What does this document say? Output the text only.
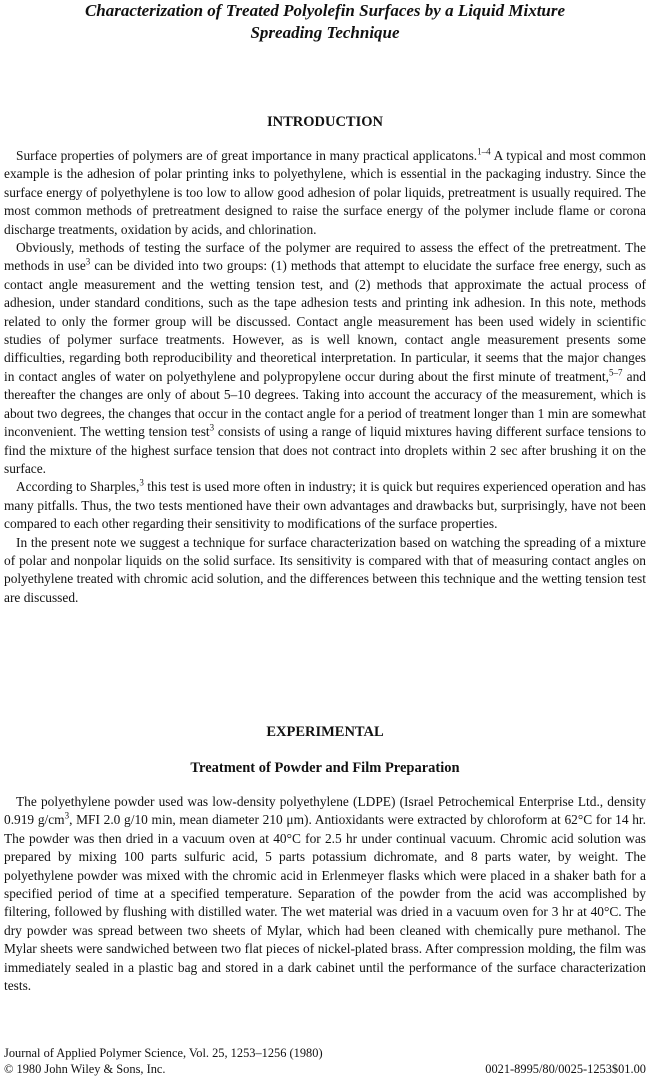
Characterization of Treated Polyolefin Surfaces by a Liquid Mixture
Spreading Technique
INTRODUCTION

Surface properties of polymers are of great importance in many practical applicatons.$^{1-4}$ A typical and most common example is the adhesion of polar printing inks to polyethylene, which is essential in the packaging industry. Since the surface energy of polyethylene is too low to allow good adhesion of polar liquids, pretreatment is usually required. The most common methods of pretreatment designed to raise the surface energy of the polymer include flame or corona discharge treatments, oxidation by acids, and chlorination.

Obviously, methods of testing the surface of the polymer are required to assess the effect of the pretreatment. The methods in use$^3$ can be divided into two groups: (1) methods that attempt to elucidate the surface free energy, such as contact angle measurement and the wetting tension test, and (2) methods that approximate the actual process of adhesion, under standard conditions, such as the tape adhesion tests and printing ink adhesion. In this note, methods related to only the former group will be discussed. Contact angle measurement has been used widely in scientific studies of polymer surface treatments. However, as is well known, contact angle measurement presents some difficulties, regarding both reproducibility and theoretical interpretation. In particular, it seems that the major changes in contact angles of water on polyethylene and polypropylene occur during about the first minute of treatment,$^{5-7}$ and thereafter the changes are only of about 5–10 degrees. Taking into account the accuracy of the measurement, which is about two degrees, the changes that occur in the contact angle for a period of treatment longer than 1 min are somewhat inconvenient. The wetting tension test$^3$ consists of using a range of liquid mixtures having different surface tensions to find the mixture of the highest surface tension that does not contract into droplets within 2 sec after brushing it on the surface.

According to Sharples,$^3$ this test is used more often in industry; it is quick but requires experienced operation and has many pitfalls. Thus, the two tests mentioned have their own advantages and drawbacks but, surprisingly, have not been compared to each other regarding their sensitivity to modifications of the surface properties.

In the present note we suggest a technique for surface characterization based on watching the spreading of a mixture of polar and nonpolar liquids on the solid surface. Its sensitivity is compared with that of measuring contact angles on polyethylene treated with chromic acid solution, and the differences between this technique and the wetting tension test are discussed.

EXPERIMENTAL
Treatment of Powder and Film Preparation

The polyethylene powder used was low-density polyethylene (LDPE) (Israel Petrochemical Enterprise Ltd., density 0.919 $g/cm^3$, MFI 2.0 g/10 min, mean diameter 210 μm). Antioxidants were extracted by chloroform at 62°C for 14 hr. The powder was then dried in a vacuum oven at 40°C for 2.5 hr under continual vacuum. Chromic acid solution was prepared by mixing 100 parts sulfuric acid, 5 parts potassium dichromate, and 8 parts water, by weight. The polyethylene powder was mixed with the chromic acid in Erlenmeyer flasks which were placed in a shaker bath for a specified period of time at a specified temperature. Separation of the powder from the acid was accomplished by filtering, followed by flushing with distilled water. The wet material was dried in a vacuum oven for 3 hr at 40°C. The dry powder was spread between two sheets of Mylar, which had been cleaned with chemically pure methanol. The Mylar sheets were sandwiched between two flat pieces of nickel-plated brass. After compression molding, the film was immediately sealed in a plastic bag and stored in a dark cabinet until the performance of the surface characterization tests.

Journal of Applied Polymer Science, Vol. 25, 1253–1256 (1980)
© 1980 John Wiley & Sons, Inc.	0021-8995/80/0025-1253$01.00
